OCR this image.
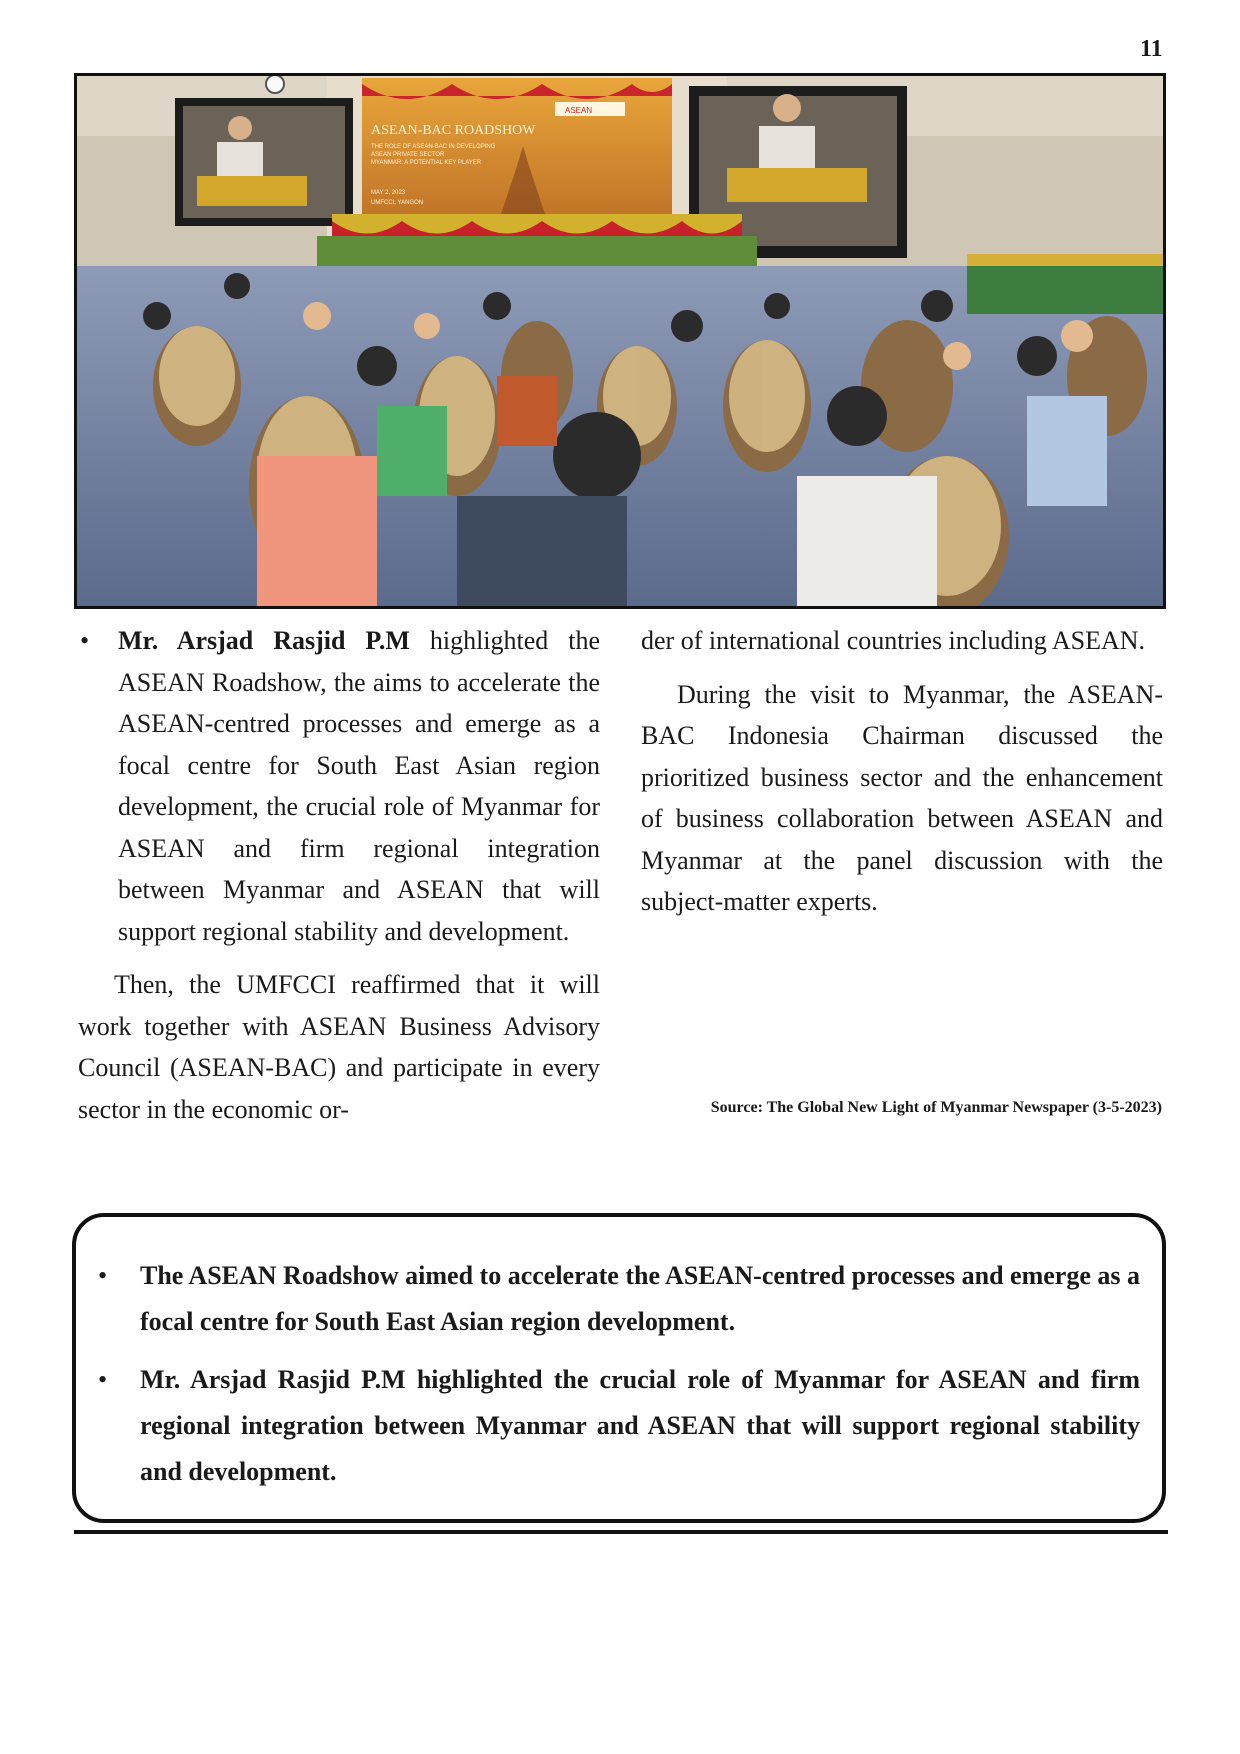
11
ASEAN-BAC ROADSHOW
THE ROLE OF ASEAN-BAC IN DEVELOPING
ASEAN PRIVATE SECTOR
MYANMAR: A POTENTIAL KEY PLAYER
MAY 2, 2023
UMFCCI, YANGON
ASEAN

• Mr. Arsjad Rasjid P.M highlighted the ASEAN Roadshow, the aims to accelerate the ASEAN-centred processes and emerge as a focal centre for South East Asian region development, the crucial role of Myanmar for ASEAN and firm regional integration between Myanmar and ASEAN that will support regional stability and development.

Then, the UMFCCI reaffirmed that it will work together with ASEAN Business Advisory Council (ASEAN-BAC) and participate in every sector in the economic or-

der of international countries including ASEAN.

During the visit to Myanmar, the ASEAN-BAC Indonesia Chairman discussed the prioritized business sector and the enhancement of business collaboration between ASEAN and Myanmar at the panel discussion with the subject-matter experts.

Source: The Global New Light of Myanmar Newspaper (3-5-2023)
• The ASEAN Roadshow aimed to accelerate the ASEAN-centred processes and emerge as a focal centre for South East Asian region development.
• Mr. Arsjad Rasjid P.M highlighted the crucial role of Myanmar for ASEAN and firm regional integration between Myanmar and ASEAN that will support regional stability and development.
